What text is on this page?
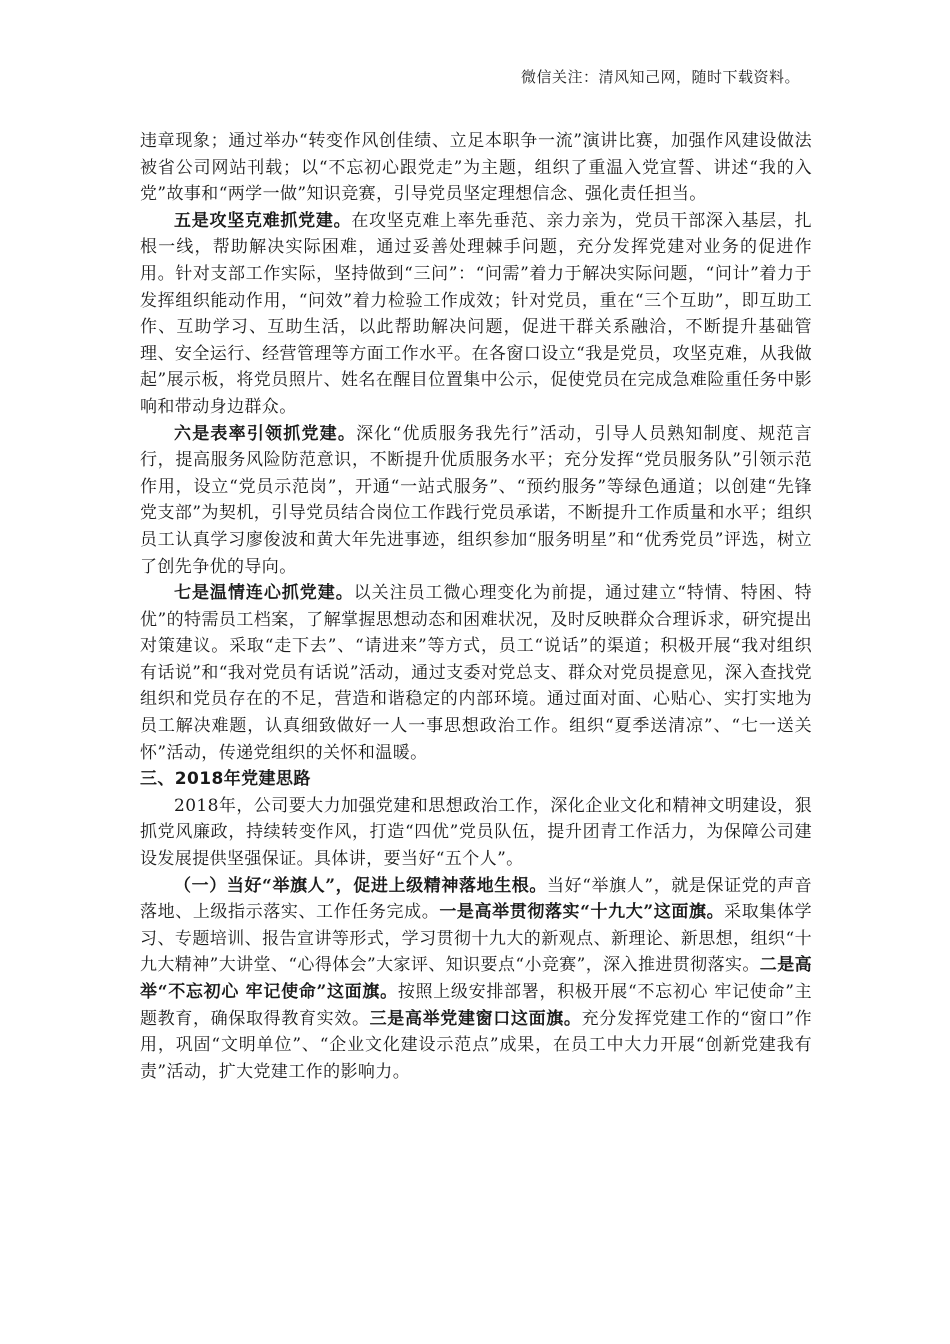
微信关注：清风知己网，随时下载资料。

违章现象；通过举办“转变作风创佳绩、立足本职争一流”演讲比赛，加强作风建设做法被省公司网站刊载；以“不忘初心跟党走”为主题，组织了重温入党宣誓、讲述“我的入党”故事和“两学一做”知识竞赛，引导党员坚定理想信念、强化责任担当。

五是攻坚克难抓党建。在攻坚克难上率先垂范、亲力亲为，党员干部深入基层，扎根一线，帮助解决实际困难，通过妥善处理棘手问题，充分发挥党建对业务的促进作用。针对支部工作实际，坚持做到“三问”：“问需”着力于解决实际问题，“问计”着力于发挥组织能动作用，“问效”着力检验工作成效；针对党员，重在“三个互助”，即互助工作、互助学习、互助生活，以此帮助解决问题，促进干群关系融洽，不断提升基础管理、安全运行、经营管理等方面工作水平。在各窗口设立“我是党员，攻坚克难，从我做起”展示板，将党员照片、姓名在醒目位置集中公示，促使党员在完成急难险重任务中影响和带动身边群众。

六是表率引领抓党建。深化“优质服务我先行”活动，引导人员熟知制度、规范言行，提高服务风险防范意识，不断提升优质服务水平；充分发挥“党员服务队”引领示范作用，设立“党员示范岗”，开通“一站式服务”、“预约服务”等绿色通道；以创建“先锋党支部”为契机，引导党员结合岗位工作践行党员承诺，不断提升工作质量和水平；组织员工认真学习廖俊波和黄大年先进事迹，组织参加“服务明星”和“优秀党员”评选，树立了创先争优的导向。

七是温情连心抓党建。以关注员工微心理变化为前提，通过建立“特情、特困、特优”的特需员工档案，了解掌握思想动态和困难状况，及时反映群众合理诉求，研究提出对策建议。采取“走下去”、“请进来”等方式，员工“说话”的渠道；积极开展“我对组织有话说”和“我对党员有话说”活动，通过支委对党总支、群众对党员提意见，深入查找党组织和党员存在的不足，营造和谐稳定的内部环境。通过面对面、心贴心、实打实地为员工解决难题，认真细致做好一人一事思想政治工作。组织“夏季送清凉”、“七一送关怀”活动，传递党组织的关怀和温暖。

三、2018年党建思路

2018年，公司要大力加强党建和思想政治工作，深化企业文化和精神文明建设，狠抓党风廉政，持续转变作风，打造“四优”党员队伍，提升团青工作活力，为保障公司建设发展提供坚强保证。具体讲，要当好“五个人”。

（一）当好“举旗人”，促进上级精神落地生根。当好“举旗人”，就是保证党的声音落地、上级指示落实、工作任务完成。一是高举贯彻落实“十九大”这面旗。采取集体学习、专题培训、报告宣讲等形式，学习贯彻十九大的新观点、新理论、新思想，组织“十九大精神”大讲堂、“心得体会”大家评、知识要点“小竞赛”，深入推进贯彻落实。二是高举“不忘初心 牢记使命”这面旗。按照上级安排部署，积极开展“不忘初心 牢记使命”主题教育，确保取得教育实效。三是高举党建窗口这面旗。充分发挥党建工作的“窗口”作用，巩固“文明单位”、“企业文化建设示范点”成果，在员工中大力开展“创新党建我有责”活动，扩大党建工作的影响力。
